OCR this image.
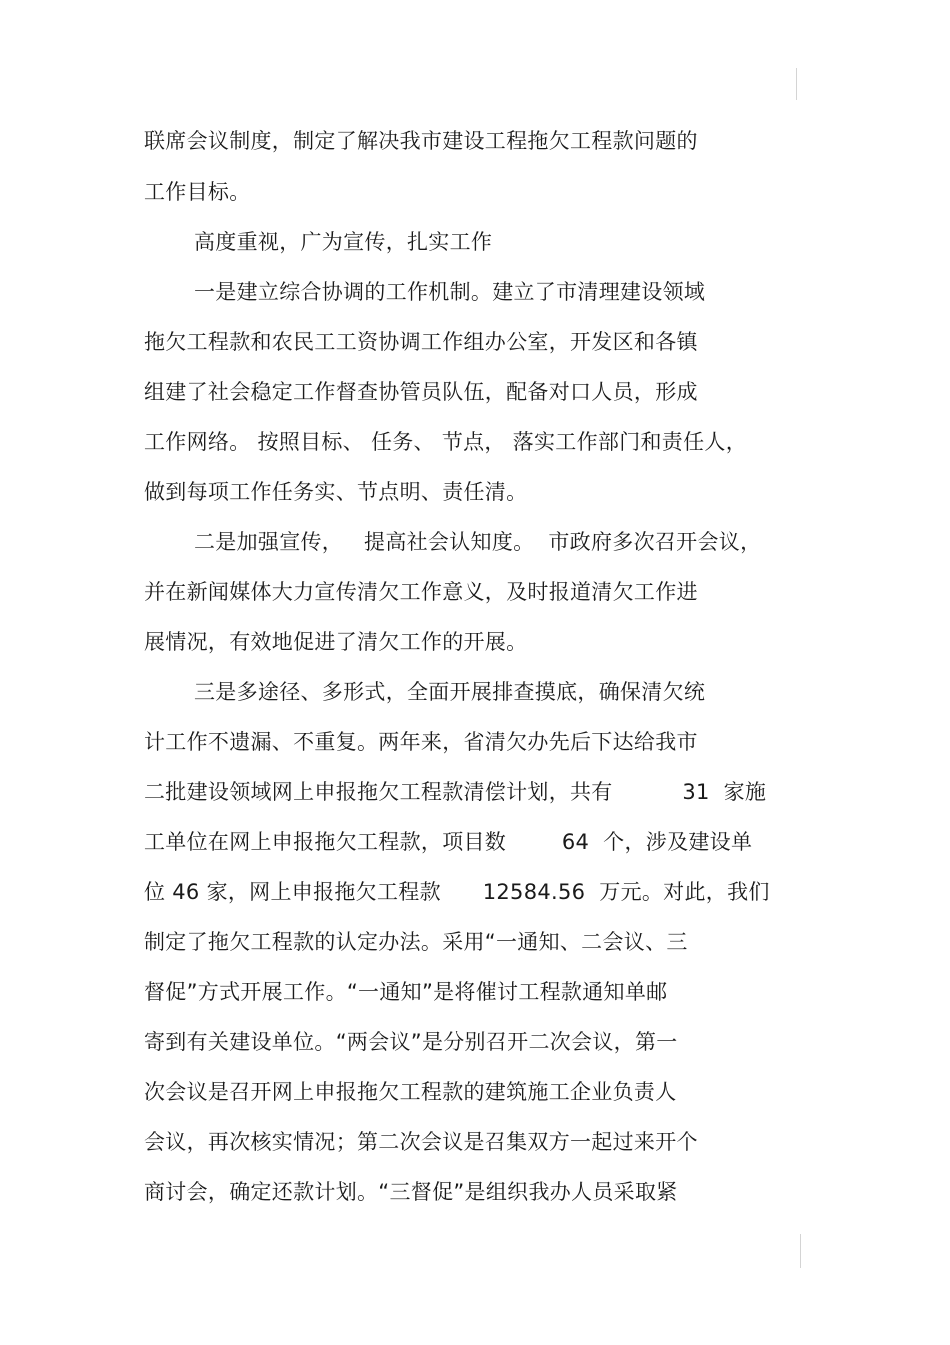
联席会议制度，制定了解决我市建设工程拖欠工程款问题的
工作目标。
高度重视，广为宣传，扎实工作
一是建立综合协调的工作机制。建立了市清理建设领域
拖欠工程款和农民工工资协调工作组办公室，开发区和各镇
组建了社会稳定工作督查协管员队伍，配备对口人员，形成
工作网络。 按照目标、 任务、 节点， 落实工作部门和责任人，
做到每项工作任务实、节点明、责任清。
二是加强宣传，   提高社会认知度。  市政府多次召开会议，
并在新闻媒体大力宣传清欠工作意义，及时报道清欠工作进
展情况，有效地促进了清欠工作的开展。
三是多途径、多形式，全面开展排查摸底，确保清欠统
计工作不遗漏、不重复。两年来，省清欠办先后下达给我市
二批建设领域网上申报拖欠工程款清偿计划，共有          31  家施
工单位在网上申报拖欠工程款，项目数        64  个，涉及建设单
位 46 家，网上申报拖欠工程款      12584.56  万元。对此，我们
制定了拖欠工程款的认定办法。采用“一通知、二会议、三
督促”方式开展工作。“一通知”是将催讨工程款通知单邮
寄到有关建设单位。“两会议”是分别召开二次会议，第一
次会议是召开网上申报拖欠工程款的建筑施工企业负责人
会议，再次核实情况；第二次会议是召集双方一起过来开个
商讨会，确定还款计划。“三督促”是组织我办人员采取紧
